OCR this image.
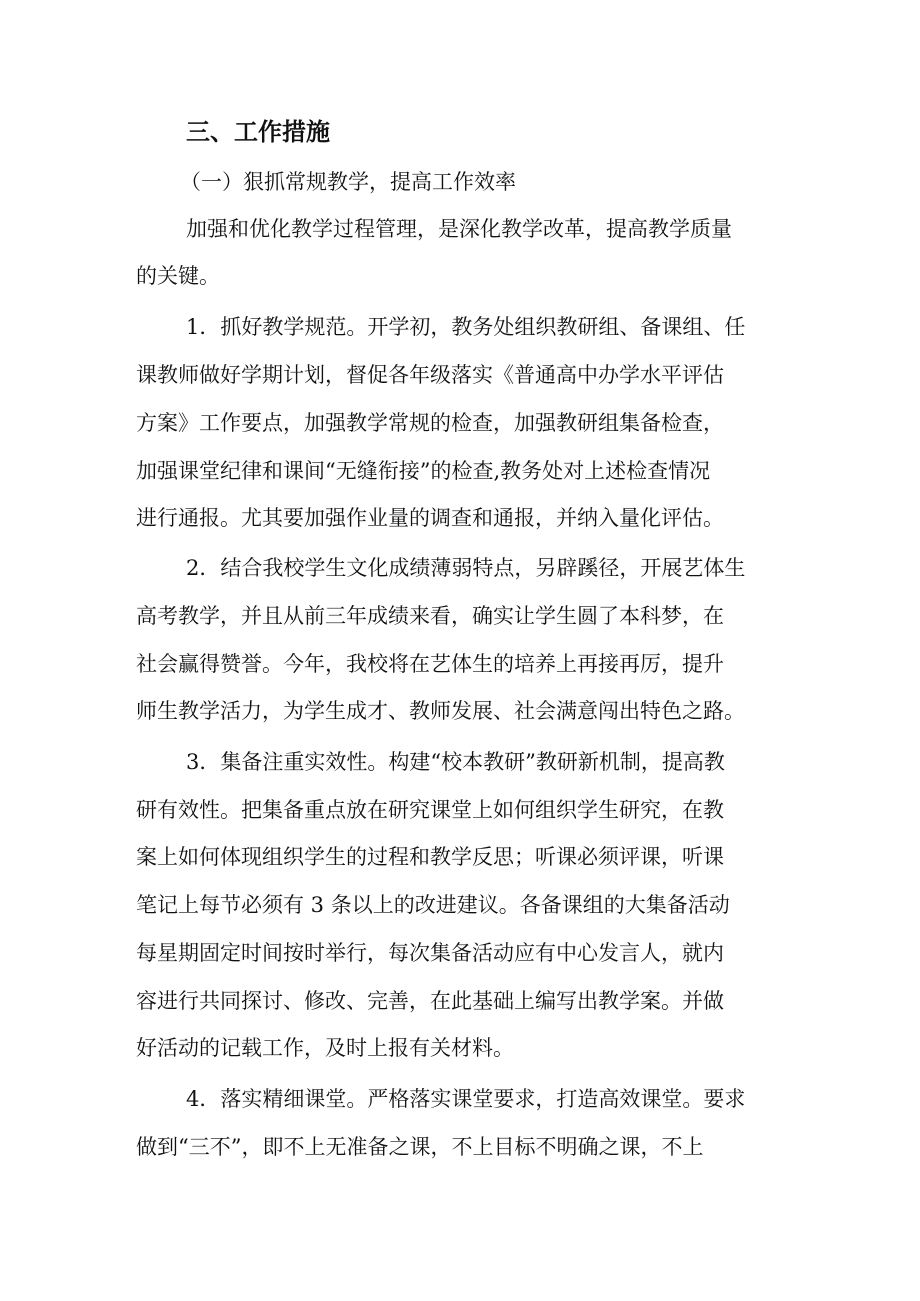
三、工作措施
（一）狠抓常规教学，提高工作效率
加强和优化教学过程管理，是深化教学改革，提高教学质量
的关键。
1．抓好教学规范。开学初，教务处组织教研组、备课组、任
课教师做好学期计划，督促各年级落实《普通高中办学水平评估
方案》工作要点，加强教学常规的检查，加强教研组集备检查，
加强课堂纪律和课间“无缝衔接”的检查,教务处对上述检查情况
进行通报。尤其要加强作业量的调查和通报，并纳入量化评估。
2．结合我校学生文化成绩薄弱特点，另辟蹊径，开展艺体生
高考教学，并且从前三年成绩来看，确实让学生圆了本科梦，在
社会赢得赞誉。今年，我校将在艺体生的培养上再接再厉，提升
师生教学活力，为学生成才、教师发展、社会满意闯出特色之路。
3．集备注重实效性。构建“校本教研”教研新机制，提高教
研有效性。把集备重点放在研究课堂上如何组织学生研究，在教
案上如何体现组织学生的过程和教学反思；听课必须评课，听课
笔记上每节必须有 3 条以上的改进建议。各备课组的大集备活动
每星期固定时间按时举行，每次集备活动应有中心发言人，就内
容进行共同探讨、修改、完善，在此基础上编写出教学案。并做
好活动的记载工作，及时上报有关材料。
4．落实精细课堂。严格落实课堂要求，打造高效课堂。要求
做到“三不”，即不上无准备之课，不上目标不明确之课，不上
